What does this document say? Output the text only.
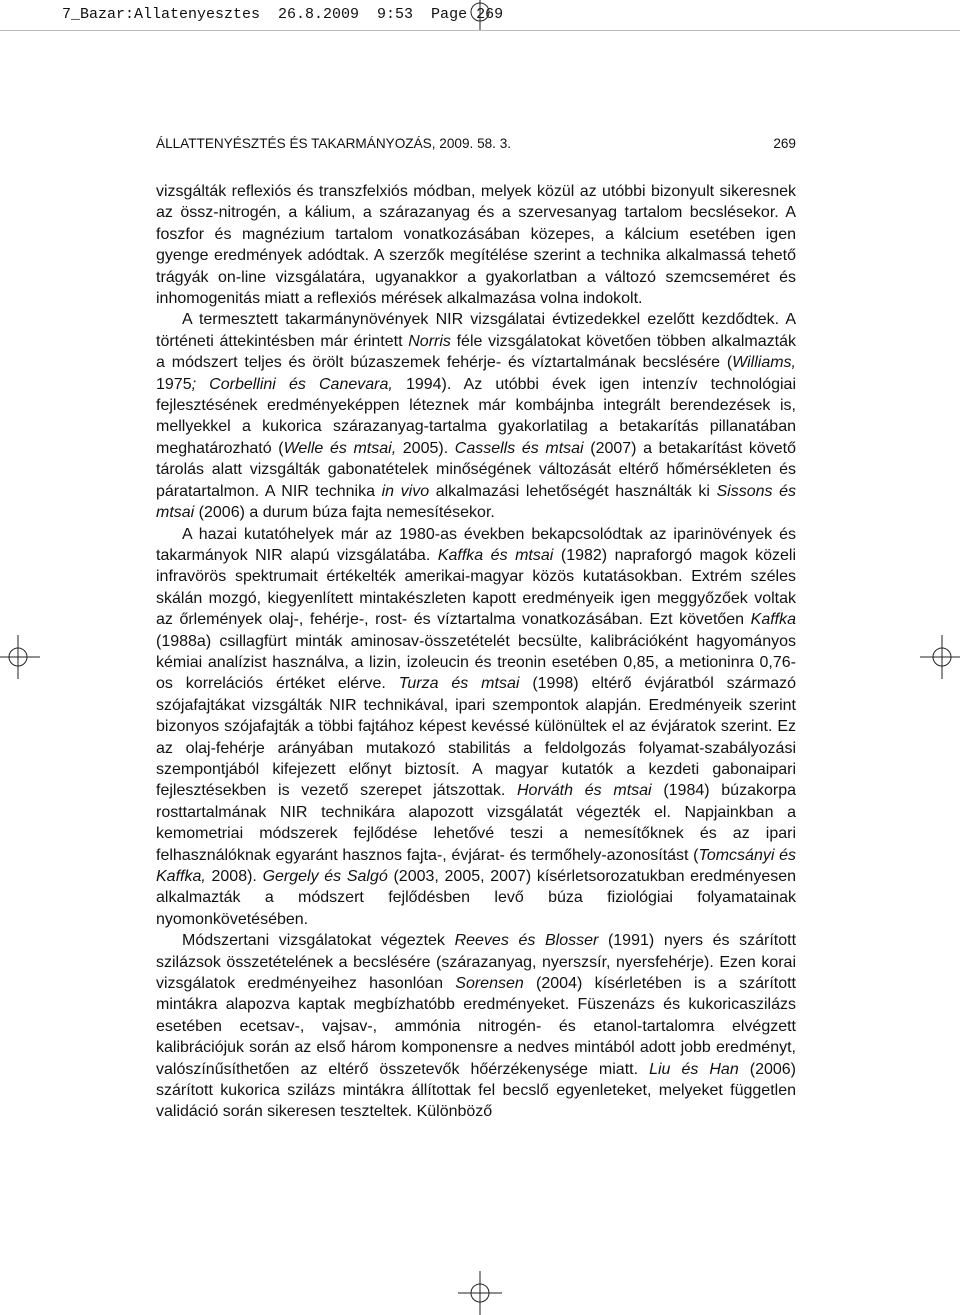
7_Bazar:Allatenyesztes  26.8.2009  9:53  Page 269
ÁLLATTENYÉSZTÉS ÉS TAKARMÁNYOZÁS, 2009. 58. 3.	269

vizsgálták reflexiós és transzfelxiós módban, melyek közül az utóbbi bizonyult sikeresnek az össz-nitrogén, a kálium, a szárazanyag és a szervesanyag tartalom becslésekor. A foszfor és magnézium tartalom vonatkozásában közepes, a kálcium esetében igen gyenge eredmények adódtak. A szerzők megítélése szerint a technika alkalmassá tehető trágyák on-line vizsgálatára, ugyanakkor a gyakorlatban a változó szemcseméret és inhomogenitás miatt a reflexiós mérések alkalmazása volna indokolt.

A termesztett takarmánynövények NIR vizsgálatai évtizedekkel ezelőtt kezdődtek. A történeti áttekintésben már érintett Norris féle vizsgálatokat követően többen alkalmazták a módszert teljes és örölt búzaszemek fehérje- és víztartalmának becslésére (Williams, 1975; Corbellini és Canevara, 1994). Az utóbbi évek igen intenzív technológiai fejlesztésének eredményeképpen léteznek már kombájnba integrált berendezések is, mellyekkel a kukorica szárazanyag-tartalma gyakorlatilag a betakarítás pillanatában meghatározható (Welle és mtsai, 2005). Cassells és mtsai (2007) a betakarítást követő tárolás alatt vizsgálták gabonatételek minőségének változását eltérő hőmérsékleten és páratartalmon. A NIR technika in vivo alkalmazási lehetőségét használták ki Sissons és mtsai (2006) a durum búza fajta nemesítésekor.

A hazai kutatóhelyek már az 1980-as években bekapcsolódtak az iparinövények és takarmányok NIR alapú vizsgálatába. Kaffka és mtsai (1982) napraforgó magok közeli infravörös spektrumait értékelték amerikai-magyar közös kutatásokban. Extrém széles skálán mozgó, kiegyenlített mintakészleten kapott eredményeik igen meggyőzőek voltak az őrlemények olaj-, fehérje-, rost- és víztartalma vonatkozásában. Ezt követően Kaffka (1988a) csillagfürt minták aminosav-összetételét becsülte, kalibrációként hagyományos kémiai analízist használva, a lizin, izoleucin és treonin esetében 0,85, a metioninra 0,76-os korrelációs értéket elérve. Turza és mtsai (1998) eltérő évjáratból származó szójafajtákat vizsgálták NIR technikával, ipari szempontok alapján. Eredményeik szerint bizonyos szójafajták a többi fajtához képest kevéssé különültek el az évjáratok szerint. Ez az olaj-fehérje arányában mutakozó stabilitás a feldolgozás folyamat-szabályozási szempontjából kifejezett előnyt biztosít. A magyar kutatók a kezdeti gabonaipari fejlesztésekben is vezető szerepet játszottak. Horváth és mtsai (1984) búzakorpa rosttartalmának NIR technikára alapozott vizsgálatát végezték el. Napjainkban a kemometriai módszerek fejlődése lehetővé teszi a nemesítőknek és az ipari felhasználóknak egyaránt hasznos fajta-, évjárat- és termőhely-azonosítást (Tomcsányi és Kaffka, 2008). Gergely és Salgó (2003, 2005, 2007) kísérletsorozatukban eredményesen alkalmazták a módszert fejlődésben levő búza fiziológiai folyamatainak nyomonkövetésében.

Módszertani vizsgálatokat végeztek Reeves és Blosser (1991) nyers és szárított szilázsok összetételének a becslésére (szárazanyag, nyerszsír, nyersfehérje). Ezen korai vizsgálatok eredményeihez hasonlóan Sorensen (2004) kísérletében is a szárított mintákra alapozva kaptak megbízhatóbb eredményeket. Füszenázs és kukoricaszilázs esetében ecetsav-, vajsav-, ammónia nitrogén- és etanol-tartalomra elvégzett kalibrációjuk során az első három komponensre a nedves mintából adott jobb eredményt, valószínűsíthetően az eltérő összetevők hőérzékenysége miatt. Liu és Han (2006) szárított kukorica szilázs mintákra állítottak fel becslő egyenleteket, melyeket független validáció során sikeresen teszteltek. Különböző
